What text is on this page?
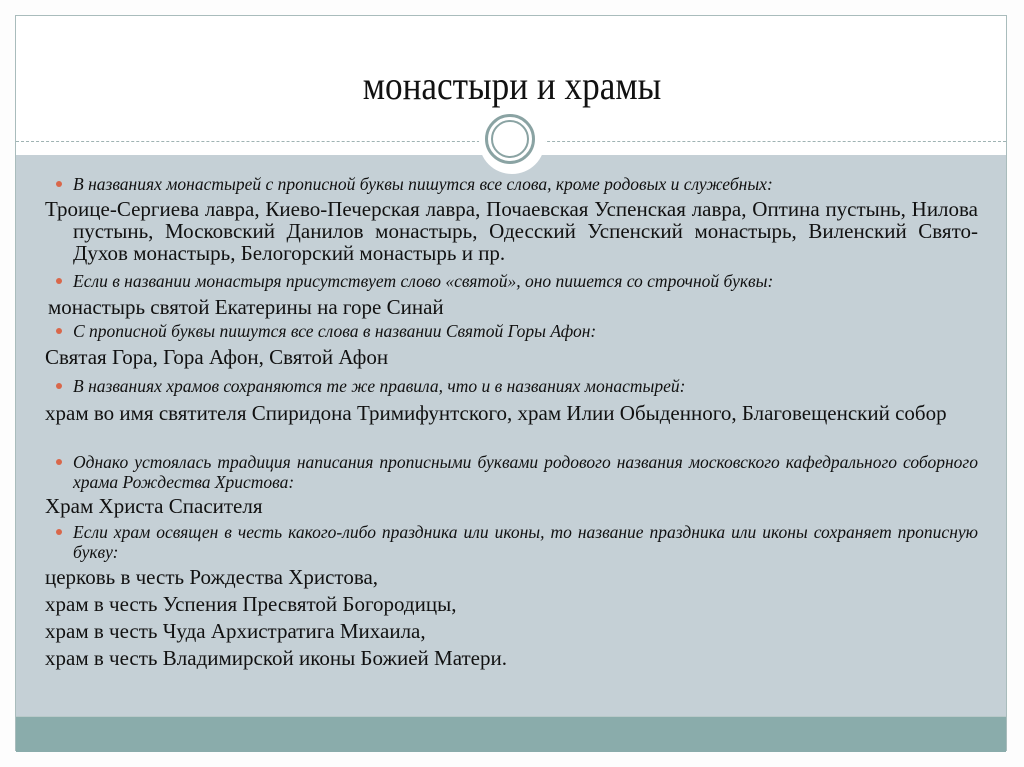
монастыри и храмы
В названиях монастырей с прописной буквы пишутся все слова, кроме родовых и служебных:
Троице-Сергиева лавра, Киево-Печерская лавра, Почаевская Успенская лавра, Оптина пустынь, Нилова пустынь, Московский Данилов монастырь, Одесский Успенский монастырь, Виленский Свято-Духов монастырь, Белогорский монастырь и пр.
Если в названии монастыря присутствует слово «святой», оно пишется со строчной буквы:
монастырь святой Екатерины на горе Синай
С прописной буквы пишутся все слова в названии Святой Горы Афон:
Святая Гора, Гора Афон, Святой Афон
В названиях храмов сохраняются те же правила, что и в названиях монастырей:
храм во имя святителя Спиридона Тримифунтского, храм Илии Обыденного, Благовещенский собор
Однако устоялась традиция написания прописными буквами родового названия московского кафедрального соборного храма Рождества Христова:
Храм Христа Спасителя
Если храм освящен в честь какого-либо праздника или иконы, то название праздника или иконы сохраняет прописную букву:
церковь в честь Рождества Христова,
храм в честь Успения Пресвятой Богородицы,
храм в честь Чуда Архистратига Михаила,
храм в честь Владимирской иконы Божией Матери.
